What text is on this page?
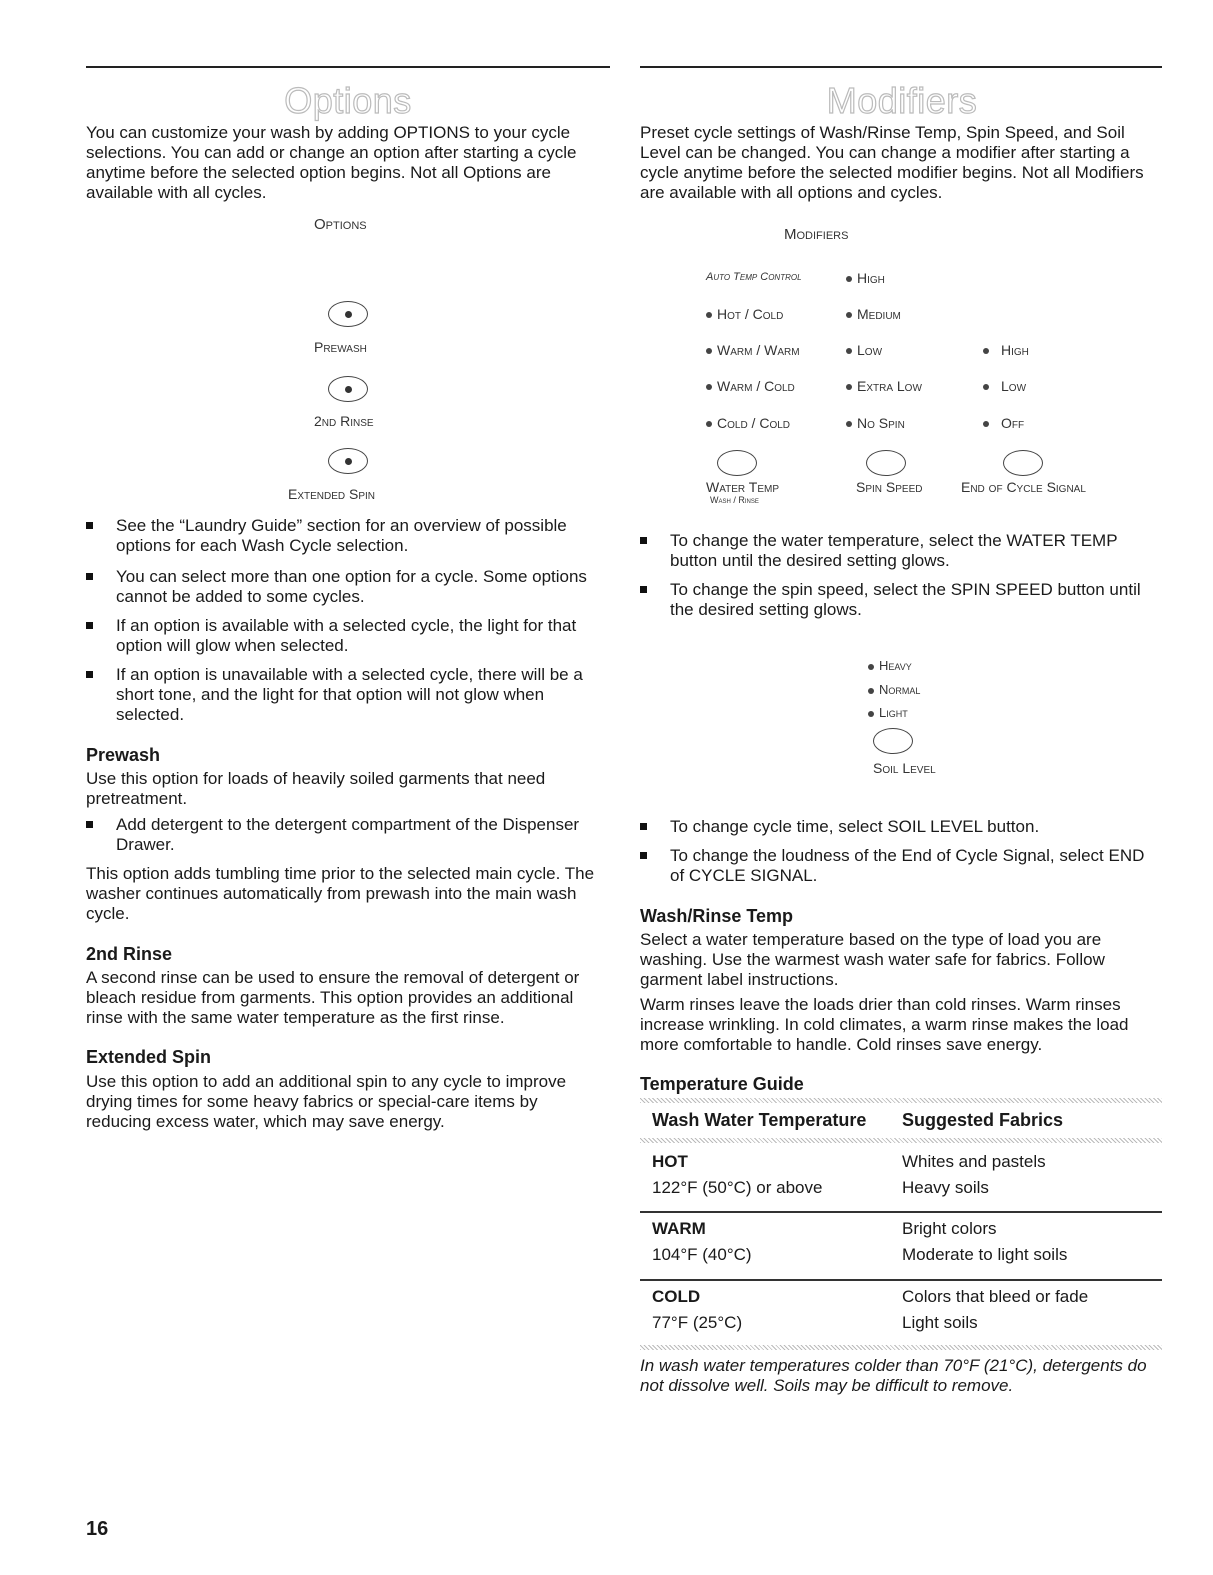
Options

You can customize your wash by adding OPTIONS to your cycle selections. You can add or change an option after starting a cycle anytime before the selected option begins. Not all Options are available with all cycles.

Options
Prewash
2nd Rinse
Extended Spin
See the “Laundry Guide” section for an overview of possible options for each Wash Cycle selection.
You can select more than one option for a cycle. Some options cannot be added to some cycles.
If an option is available with a selected cycle, the light for that option will glow when selected.
If an option is unavailable with a selected cycle, there will be a short tone, and the light for that option will not glow when selected.
Prewash

Use this option for loads of heavily soiled garments that need pretreatment.

Add detergent to the detergent compartment of the Dispenser Drawer.

This option adds tumbling time prior to the selected main cycle. The washer continues automatically from prewash into the main wash cycle.

2nd Rinse

A second rinse can be used to ensure the removal of detergent or bleach residue from garments. This option provides an additional rinse with the same water temperature as the first rinse.

Extended Spin

Use this option to add an additional spin to any cycle to improve drying times for some heavy fabrics or special-care items by reducing excess water, which may save energy.

Modifiers

Preset cycle settings of Wash/Rinse Temp, Spin Speed, and Soil Level can be changed. You can change a modifier after starting a cycle anytime before the selected modifier begins. Not all Modifiers are available with all options and cycles.

Modifiers
Auto Temp Control
Hot / Cold
Warm / Warm
Warm / Cold
Cold / Cold
Water Temp
Wash / Rinse
High
Medium
Low
Extra Low
No Spin
Spin Speed
High
Low
Off
End of Cycle Signal
To change the water temperature, select the WATER TEMP button until the desired setting glows.
To change the spin speed, select the SPIN SPEED button until the desired setting glows.
Heavy
Normal
Light
Soil Level
To change cycle time, select SOIL LEVEL button.
To change the loudness of the End of Cycle Signal, select END of CYCLE SIGNAL.
Wash/Rinse Temp

Select a water temperature based on the type of load you are washing. Use the warmest wash water safe for fabrics. Follow garment label instructions.

Warm rinses leave the loads drier than cold rinses. Warm rinses increase wrinkling. In cold climates, a warm rinse makes the load more comfortable to handle. Cold rinses save energy.

Temperature Guide
Wash Water Temperature Suggested Fabrics
HOT
122°F (50°C) or above
Whites and pastels
Heavy soils
WARM
104°F (40°C)
Bright colors
Moderate to light soils
COLD
77°F (25°C)
Colors that bleed or fade
Light soils

In wash water temperatures colder than 70°F (21°C), detergents do not dissolve well. Soils may be difficult to remove.

16
